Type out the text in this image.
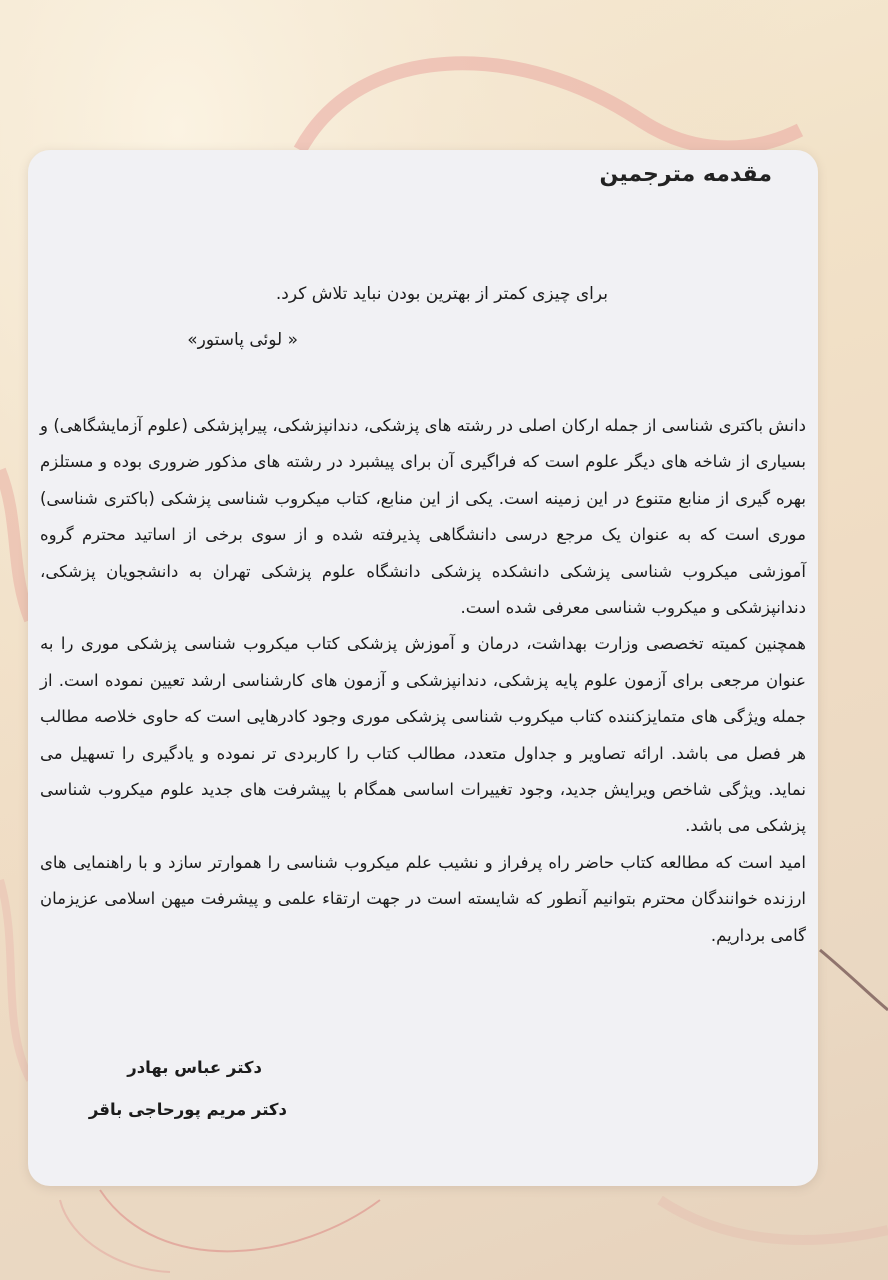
مقدمه مترجمین
برای چیزی کمتر از بهترین بودن نباید تلاش کرد.
« لوئی پاستور»

دانش باکتری شناسی از جمله ارکان اصلی در رشته های پزشکی، دندانپزشکی، پیراپزشکی (علوم آزمایشگاهی) و بسیاری از شاخه های دیگر علوم است که فراگیری آن برای پیشبرد در رشته های مذکور ضروری بوده و مستلزم بهره گیری از منابع متنوع در این زمینه است. یکی از این منابع، کتاب میکروب شناسی پزشکی (باکتری شناسی) موری است که به عنوان یک مرجع درسی دانشگاهی پذیرفته شده و از سوی برخی از اساتید محترم گروه آموزشی میکروب شناسی پزشکی دانشکده پزشکی دانشگاه علوم پزشکی تهران به دانشجویان پزشکی، دندانپزشکی و میکروب شناسی معرفی شده است.

همچنین کمیته تخصصی وزارت بهداشت، درمان و آموزش پزشکی کتاب میکروب شناسی پزشکی موری را به عنوان مرجعی برای آزمون علوم پایه پزشکی، دندانپزشکی و آزمون های کارشناسی ارشد تعیین نموده است. از جمله ویژگی های متمایزکننده کتاب میکروب شناسی پزشکی موری وجود کادرهایی است که حاوی خلاصه مطالب هر فصل می باشد. ارائه تصاویر و جداول متعدد، مطالب کتاب را کاربردی تر نموده و یادگیری را تسهیل می نماید. ویژگی شاخص ویرایش جدید، وجود تغییرات اساسی همگام با پیشرفت های جدید علوم میکروب شناسی پزشکی می باشد.

امید است که مطالعه کتاب حاضر راه پرفراز و نشیب علم میکروب شناسی را هموارتر سازد و با راهنمایی های ارزنده خوانندگان محترم بتوانیم آنطور که شایسته است در جهت ارتقاء علمی و پیشرفت میهن اسلامی عزیزمان گامی برداریم.

دکتر عباس بهادر
دکتر مریم پورحاجی باقر
